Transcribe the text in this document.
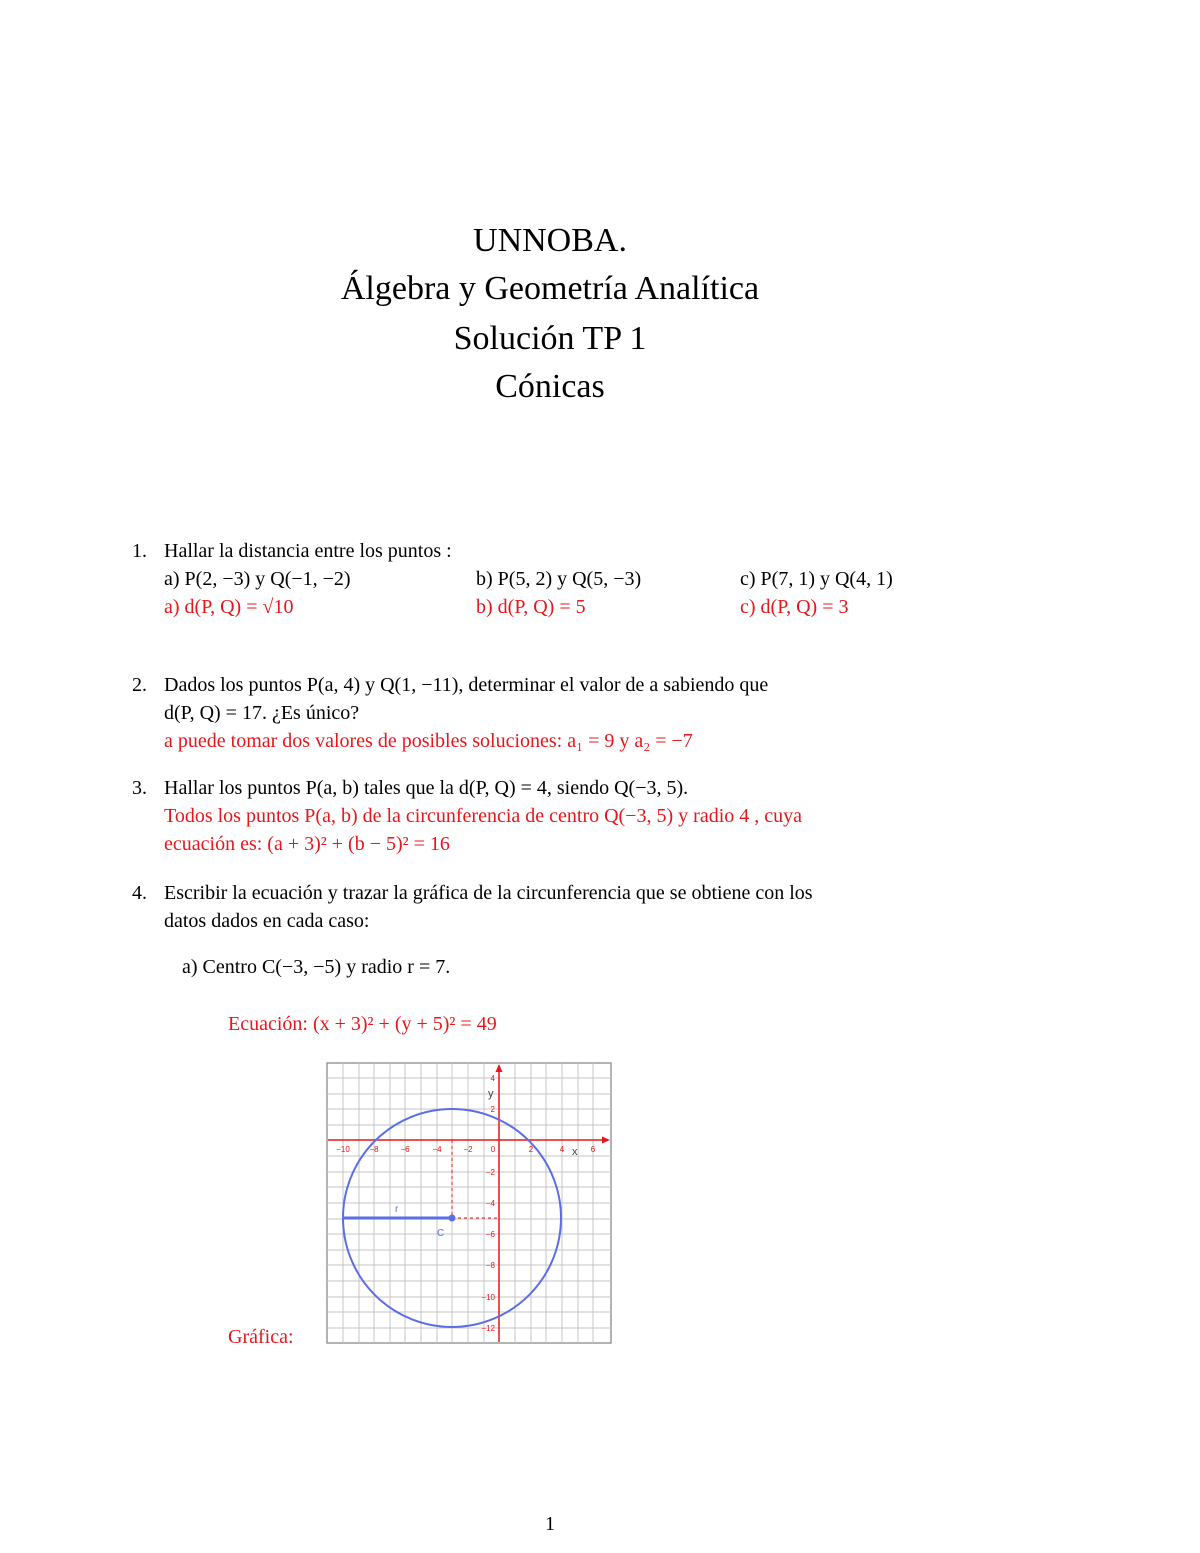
UNNOBA.
Álgebra y Geometría Analítica
Solución TP 1
Cónicas
1. Hallar la distancia entre los puntos :
a) P(2, −3) y Q(−1, −2)	b) P(5, 2) y Q(5, −3)	c) P(7, 1) y Q(4, 1)
a) d(P, Q) = √10	b) d(P, Q) = 5	c) d(P, Q) = 3
2. Dados los puntos P(a, 4) y Q(1, −11), determinar el valor de a sabiendo que
d(P, Q) = 17. ¿Es único?
a puede tomar dos valores de posibles soluciones: a₁ = 9 y a₂ = −7
3. Hallar los puntos P(a, b) tales que la d(P, Q) = 4, siendo Q(−3, 5).
Todos los puntos P(a, b) de la circunferencia de centro Q(−3, 5) y radio 4 , cuya
ecuación es: (a + 3)² + (b − 5)² = 16
4. Escribir la ecuación y trazar la gráfica de la circunferencia que se obtiene con los
datos dados en cada caso:
a) Centro C(−3, −5) y radio r = 7.
Ecuación: (x + 3)² + (y + 5)² = 49
Gráfica:
−10 −8	−6	−4	−2 0	2	4	6
4
2
−2
−4
−6
−8
−10
−12
x
y
C
r
1
